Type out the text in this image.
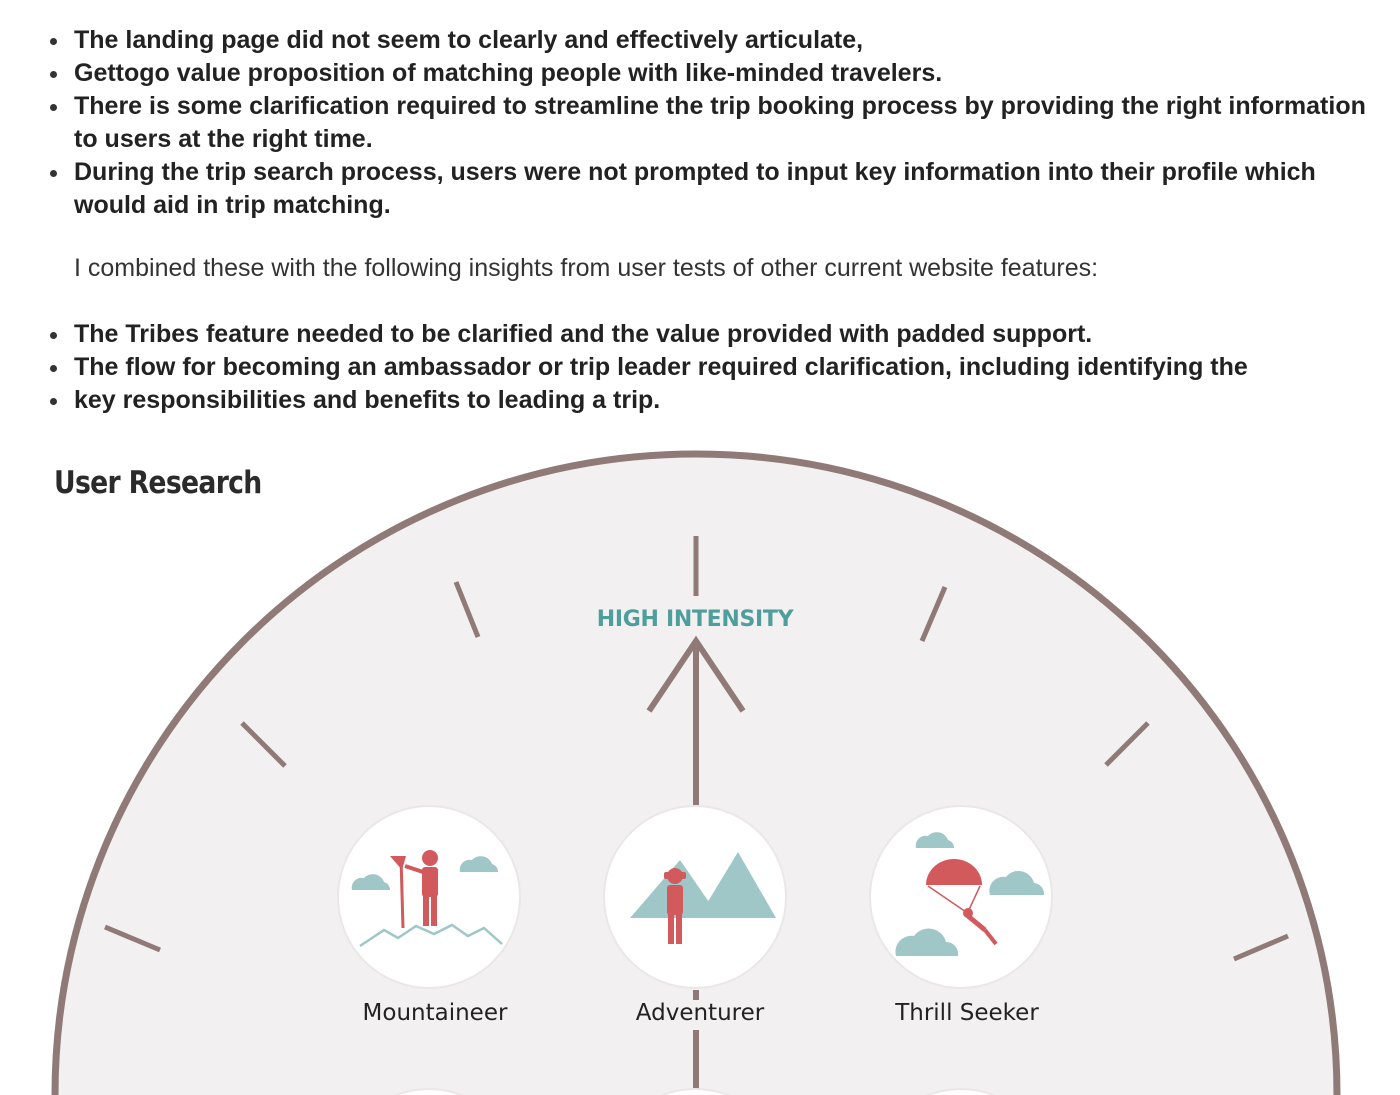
The landing page did not seem to clearly and effectively articulate,
Gettogo value proposition of matching people with like-minded travelers.
There is some clarification required to streamline the trip booking process by providing the right information to users at the right time.
During the trip search process, users were not prompted to input key information into their profile which would aid in trip matching.

I combined these with the following insights from user tests of other current website features:

The Tribes feature needed to be clarified and the value provided with padded support.
The flow for becoming an ambassador or trip leader required clarification, including identifying the
key responsibilities and benefits to leading a trip.
User Research
HIGH INTENSITY
Mountaineer	Adventurer	Thrill Seeker
